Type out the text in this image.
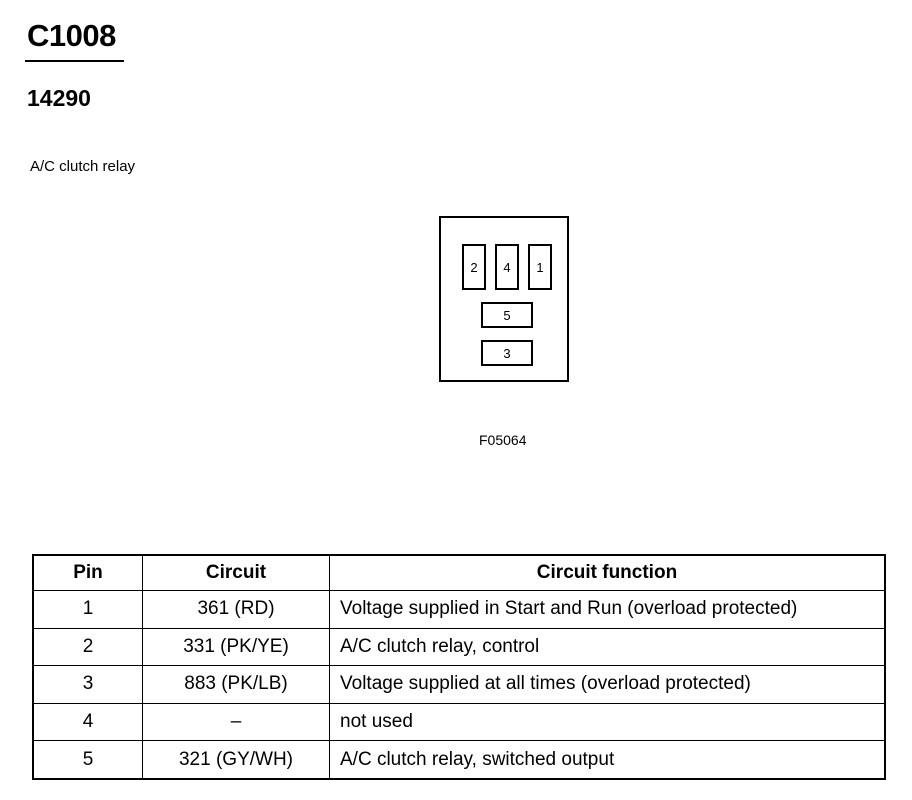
C1008
14290
A/C clutch relay
2	4	1
5
3
F05064
Pin	Circuit	Circuit function
1	361 (RD)	Voltage supplied in Start and Run (overload protected)
2	331 (PK/YE)	A/C clutch relay, control
3	883 (PK/LB)	Voltage supplied at all times (overload protected)
4	–	not used
5	321 (GY/WH)	A/C clutch relay, switched output
